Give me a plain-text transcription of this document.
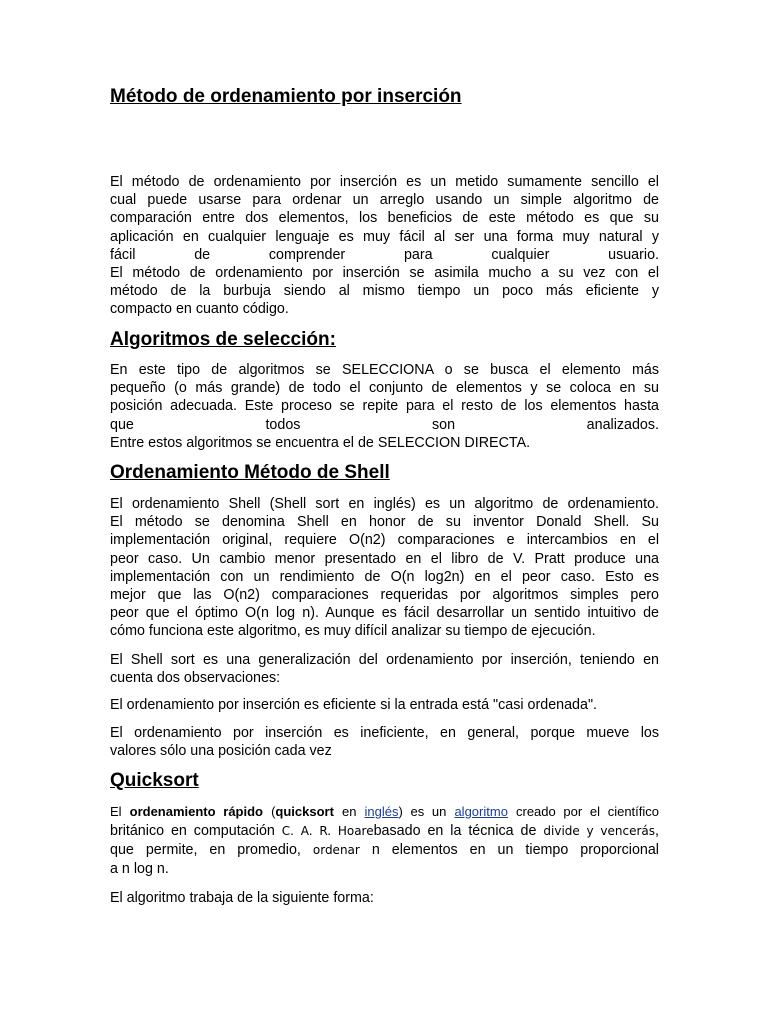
Método de ordenamiento por inserción
El método de ordenamiento por inserción es un metido sumamente sencillo el
cual puede usarse para ordenar un arreglo usando un simple algoritmo de
comparación entre dos elementos, los beneficios de este método es que su
aplicación en cualquier lenguaje es muy fácil al ser una forma muy natural y
fácil de comprender para cualquier usuario.
El método de ordenamiento por inserción se asimila mucho a su vez con el
método de la burbuja siendo al mismo tiempo un poco más eficiente y
compacto en cuanto código.
Algoritmos de selección:
En este tipo de algoritmos se SELECCIONA o se busca el elemento más
pequeño (o más grande) de todo el conjunto de elementos y se coloca en su
posición adecuada. Este proceso se repite para el resto de los elementos hasta
que todos son analizados.
Entre estos algoritmos se encuentra el de SELECCION DIRECTA.
Ordenamiento Método de Shell
El ordenamiento Shell (Shell sort en inglés) es un algoritmo de ordenamiento.
El método se denomina Shell en honor de su inventor Donald Shell. Su
implementación original, requiere O(n2) comparaciones e intercambios en el
peor caso. Un cambio menor presentado en el libro de V. Pratt produce una
implementación con un rendimiento de O(n log2n) en el peor caso. Esto es
mejor que las O(n2) comparaciones requeridas por algoritmos simples pero
peor que el óptimo O(n log n). Aunque es fácil desarrollar un sentido intuitivo de
cómo funciona este algoritmo, es muy difícil analizar su tiempo de ejecución.
El Shell sort es una generalización del ordenamiento por inserción, teniendo en
cuenta dos observaciones:
El ordenamiento por inserción es eficiente si la entrada está "casi ordenada".
El ordenamiento por inserción es ineficiente, en general, porque mueve los
valores sólo una posición cada vez
Quicksort
El ordenamiento rápido (quicksort en inglés) es un algoritmo creado por el científico
británico en computación C. A. R. Hoarebasado en la técnica de divide y vencerás,
que permite, en promedio, ordenar n elementos en un tiempo proporcional
a n log n.
El algoritmo trabaja de la siguiente forma:
